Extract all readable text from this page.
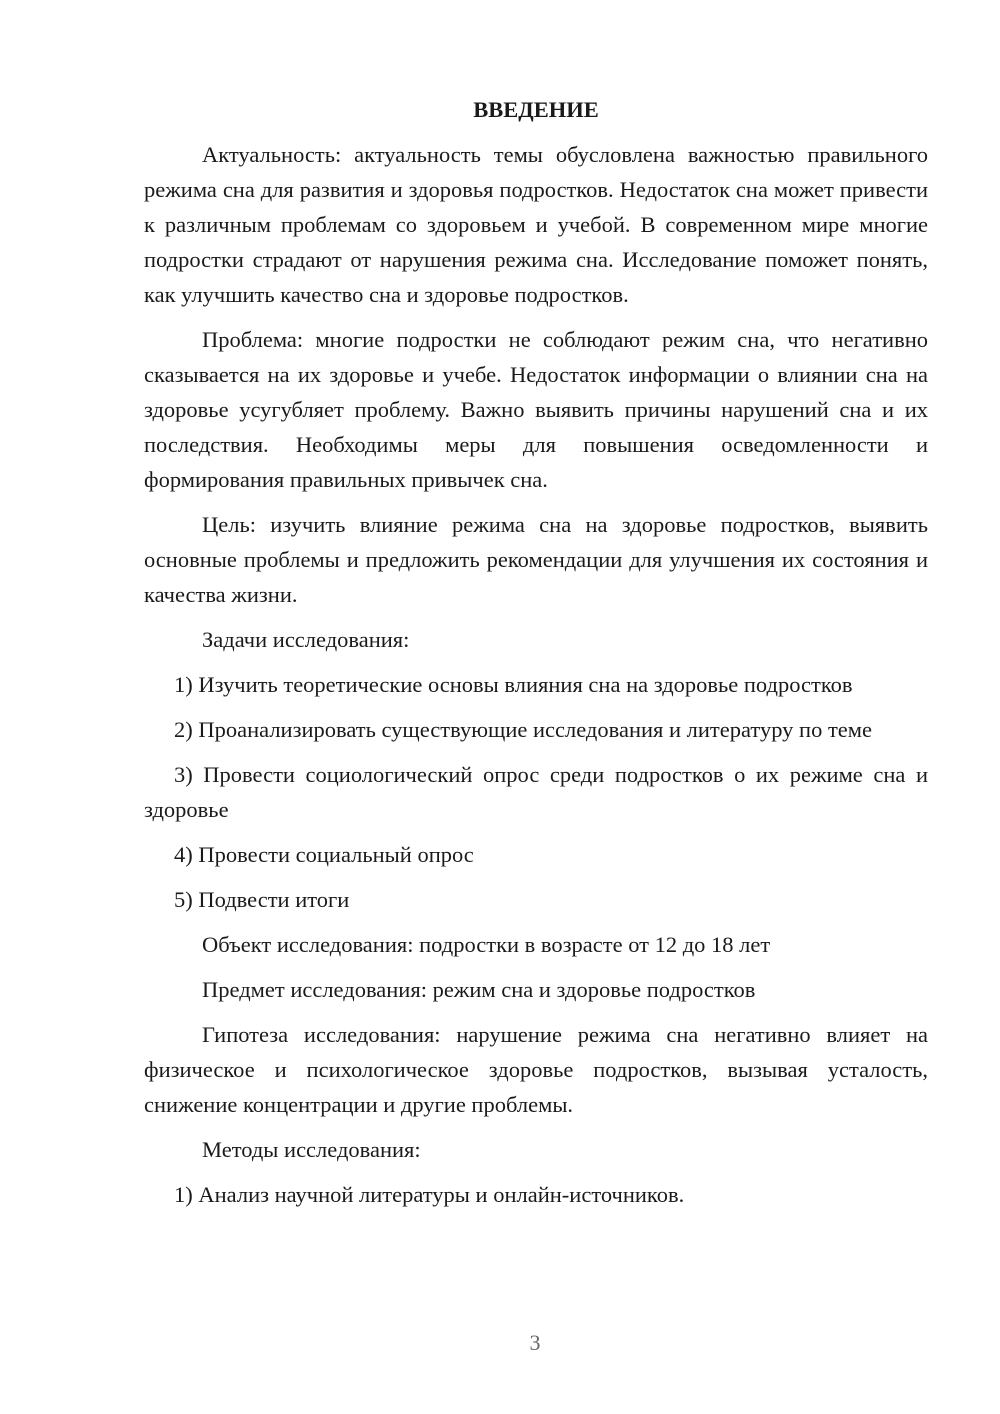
ВВЕДЕНИЕ
Актуальность: актуальность темы обусловлена важностью правильного режима сна для развития и здоровья подростков. Недостаток сна может привести к различным проблемам со здоровьем и учебой. В современном мире многие подростки страдают от нарушения режима сна. Исследование поможет понять, как улучшить качество сна и здоровье подростков.
Проблема: многие подростки не соблюдают режим сна, что негативно сказывается на их здоровье и учебе. Недостаток информации о влиянии сна на здоровье усугубляет проблему. Важно выявить причины нарушений сна и их последствия. Необходимы меры для повышения осведомленности и формирования правильных привычек сна.
Цель: изучить влияние режима сна на здоровье подростков, выявить основные проблемы и предложить рекомендации для улучшения их состояния и качества жизни.
Задачи исследования:
1) Изучить теоретические основы влияния сна на здоровье подростков
2) Проанализировать существующие исследования и литературу по теме
3) Провести социологический опрос среди подростков о их режиме сна и здоровье
4) Провести социальный опрос
5) Подвести итоги
Объект исследования: подростки в возрасте от 12 до 18 лет
Предмет исследования: режим сна и здоровье подростков
Гипотеза исследования: нарушение режима сна негативно влияет на физическое и психологическое здоровье подростков, вызывая усталость, снижение концентрации и другие проблемы.
Методы исследования:
1) Анализ научной литературы и онлайн-источников.
3
